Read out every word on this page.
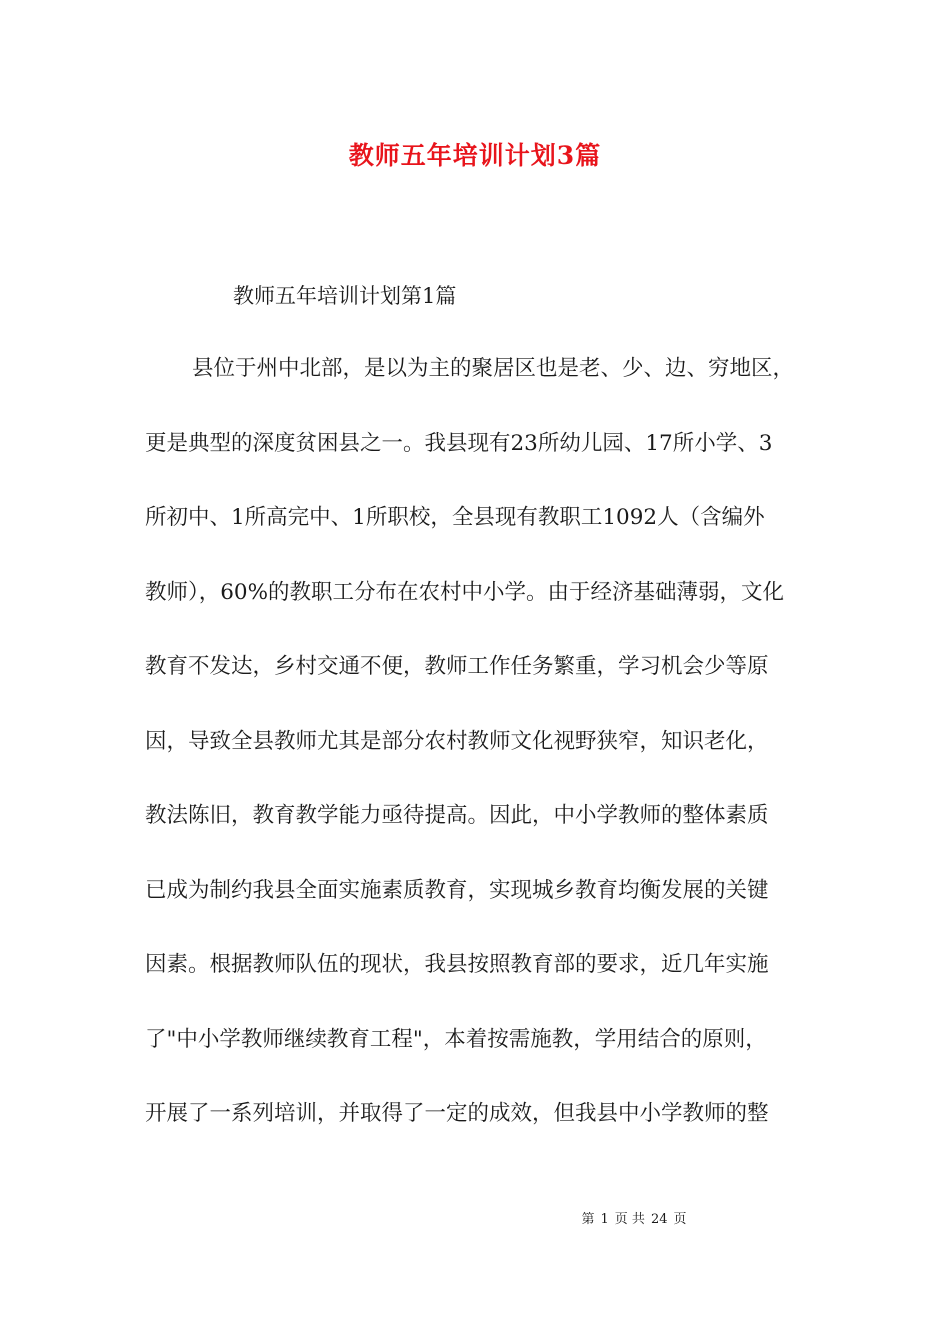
教师五年培训计划3篇

教师五年培训计划第1篇

县位于州中北部，是以为主的聚居区也是老、少、边、穷地区，
更是典型的深度贫困县之一。我县现有23所幼儿园、17所小学、3
所初中、1所高完中、1所职校，全县现有教职工1092人（含编外
教师），60%的教职工分布在农村中小学。由于经济基础薄弱，文化
教育不发达，乡村交通不便，教师工作任务繁重，学习机会少等原
因，导致全县教师尤其是部分农村教师文化视野狭窄，知识老化，
教法陈旧，教育教学能力亟待提高。因此，中小学教师的整体素质
已成为制约我县全面实施素质教育，实现城乡教育均衡发展的关键
因素。根据教师队伍的现状，我县按照教育部的要求，近几年实施
了"中小学教师继续教育工程"，本着按需施教，学用结合的原则，
开展了一系列培训，并取得了一定的成效，但我县中小学教师的整
第 1 页 共 24 页
